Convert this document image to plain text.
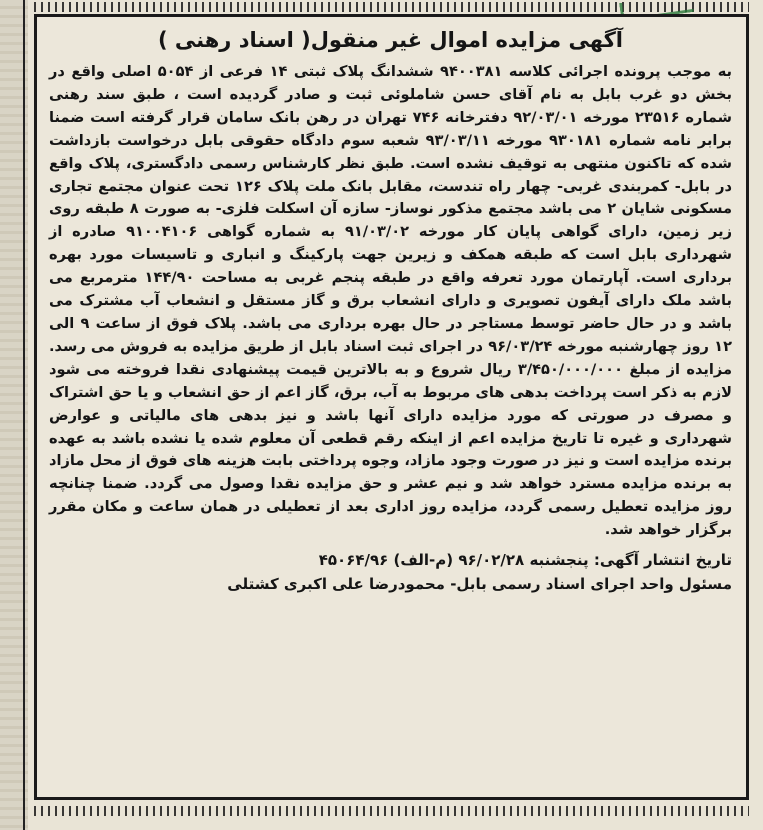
آگهی مزایده اموال غیر منقول( اسناد رهنی )

به موجب پرونده اجرائی کلاسه ۹۴۰۰۳۸۱ ششدانگ پلاک ثبتی ۱۴ فرعی از ۵۰۵۴ اصلی واقع در بخش دو غرب بابل به نام آقای حسن شاملوئی ثبت و صادر گردیده است ، طبق سند رهنی شماره ۲۳۵۱۶ مورخه ۹۲/۰۳/۰۱ دفترخانه ۷۴۶ تهران در رهن بانک سامان قرار گرفته است ضمنا برابر نامه شماره ۹۳۰۱۸۱ مورخه ۹۳/۰۳/۱۱ شعبه سوم دادگاه حقوقی بابل درخواست بازداشت شده که تاکنون منتهی به توقیف نشده است. طبق نظر کارشناس رسمی دادگستری، پلاک واقع در بابل- کمربندی غربی- چهار راه تندست، مقابل بانک ملت پلاک ۱۲۶ تحت عنوان مجتمع تجاری مسکونی شایان ۲ می باشد مجتمع مذکور نوساز- سازه آن اسکلت فلزی- به صورت ۸ طبقه روی زیر زمین، دارای گواهی پایان کار مورخه ۹۱/۰۳/۰۲ به شماره گواهی ۹۱۰۰۴۱۰۶ صادره از شهرداری بابل است که طبقه همکف و زیرین جهت پارکینگ و انباری و تاسیسات مورد بهره برداری است. آپارتمان مورد تعرفه واقع در طبقه پنجم غربی به مساحت ۱۴۴/۹۰ مترمربع می باشد ملک دارای آیفون تصویری و دارای انشعاب برق و گاز مستقل و انشعاب آب مشترک می باشد و در حال حاضر توسط مستاجر در حال بهره برداری می باشد. پلاک فوق از ساعت ۹ الی ۱۲ روز چهارشنبه مورخه ۹۶/۰۳/۲۴ در اجرای ثبت اسناد بابل از طریق مزایده به فروش می رسد. مزایده از مبلغ ۳/۴۵۰/۰۰۰/۰۰۰ ریال شروع و به بالاترین قیمت پیشنهادی نقدا فروخته می شود لازم به ذکر است پرداخت بدهی های مربوط به آب، برق، گاز اعم از حق انشعاب و یا حق اشتراک و مصرف در صورتی که مورد مزایده دارای آنها باشد و نیز بدهی های مالیاتی و عوارض شهرداری و غیره تا تاریخ مزایده اعم از اینکه رقم قطعی آن معلوم شده یا نشده باشد به عهده برنده مزایده است و نیز در صورت وجود مازاد، وجوه پرداختی بابت هزینه های فوق از محل مازاد به برنده مزایده مسترد خواهد شد و نیم عشر و حق مزایده نقدا وصول می گردد. ضمنا چنانچه روز مزایده تعطیل رسمی گردد، مزایده روز اداری بعد از تعطیلی در همان ساعت و مکان مقرر برگزار خواهد شد.

تاریخ انتشار آگهی: پنجشنبه ۹۶/۰۲/۲۸ (م-الف) ۴۵۰۶۴/۹۶
مسئول واحد اجرای اسناد رسمی بابل- محمودرضا علی اکبری کشتلی
